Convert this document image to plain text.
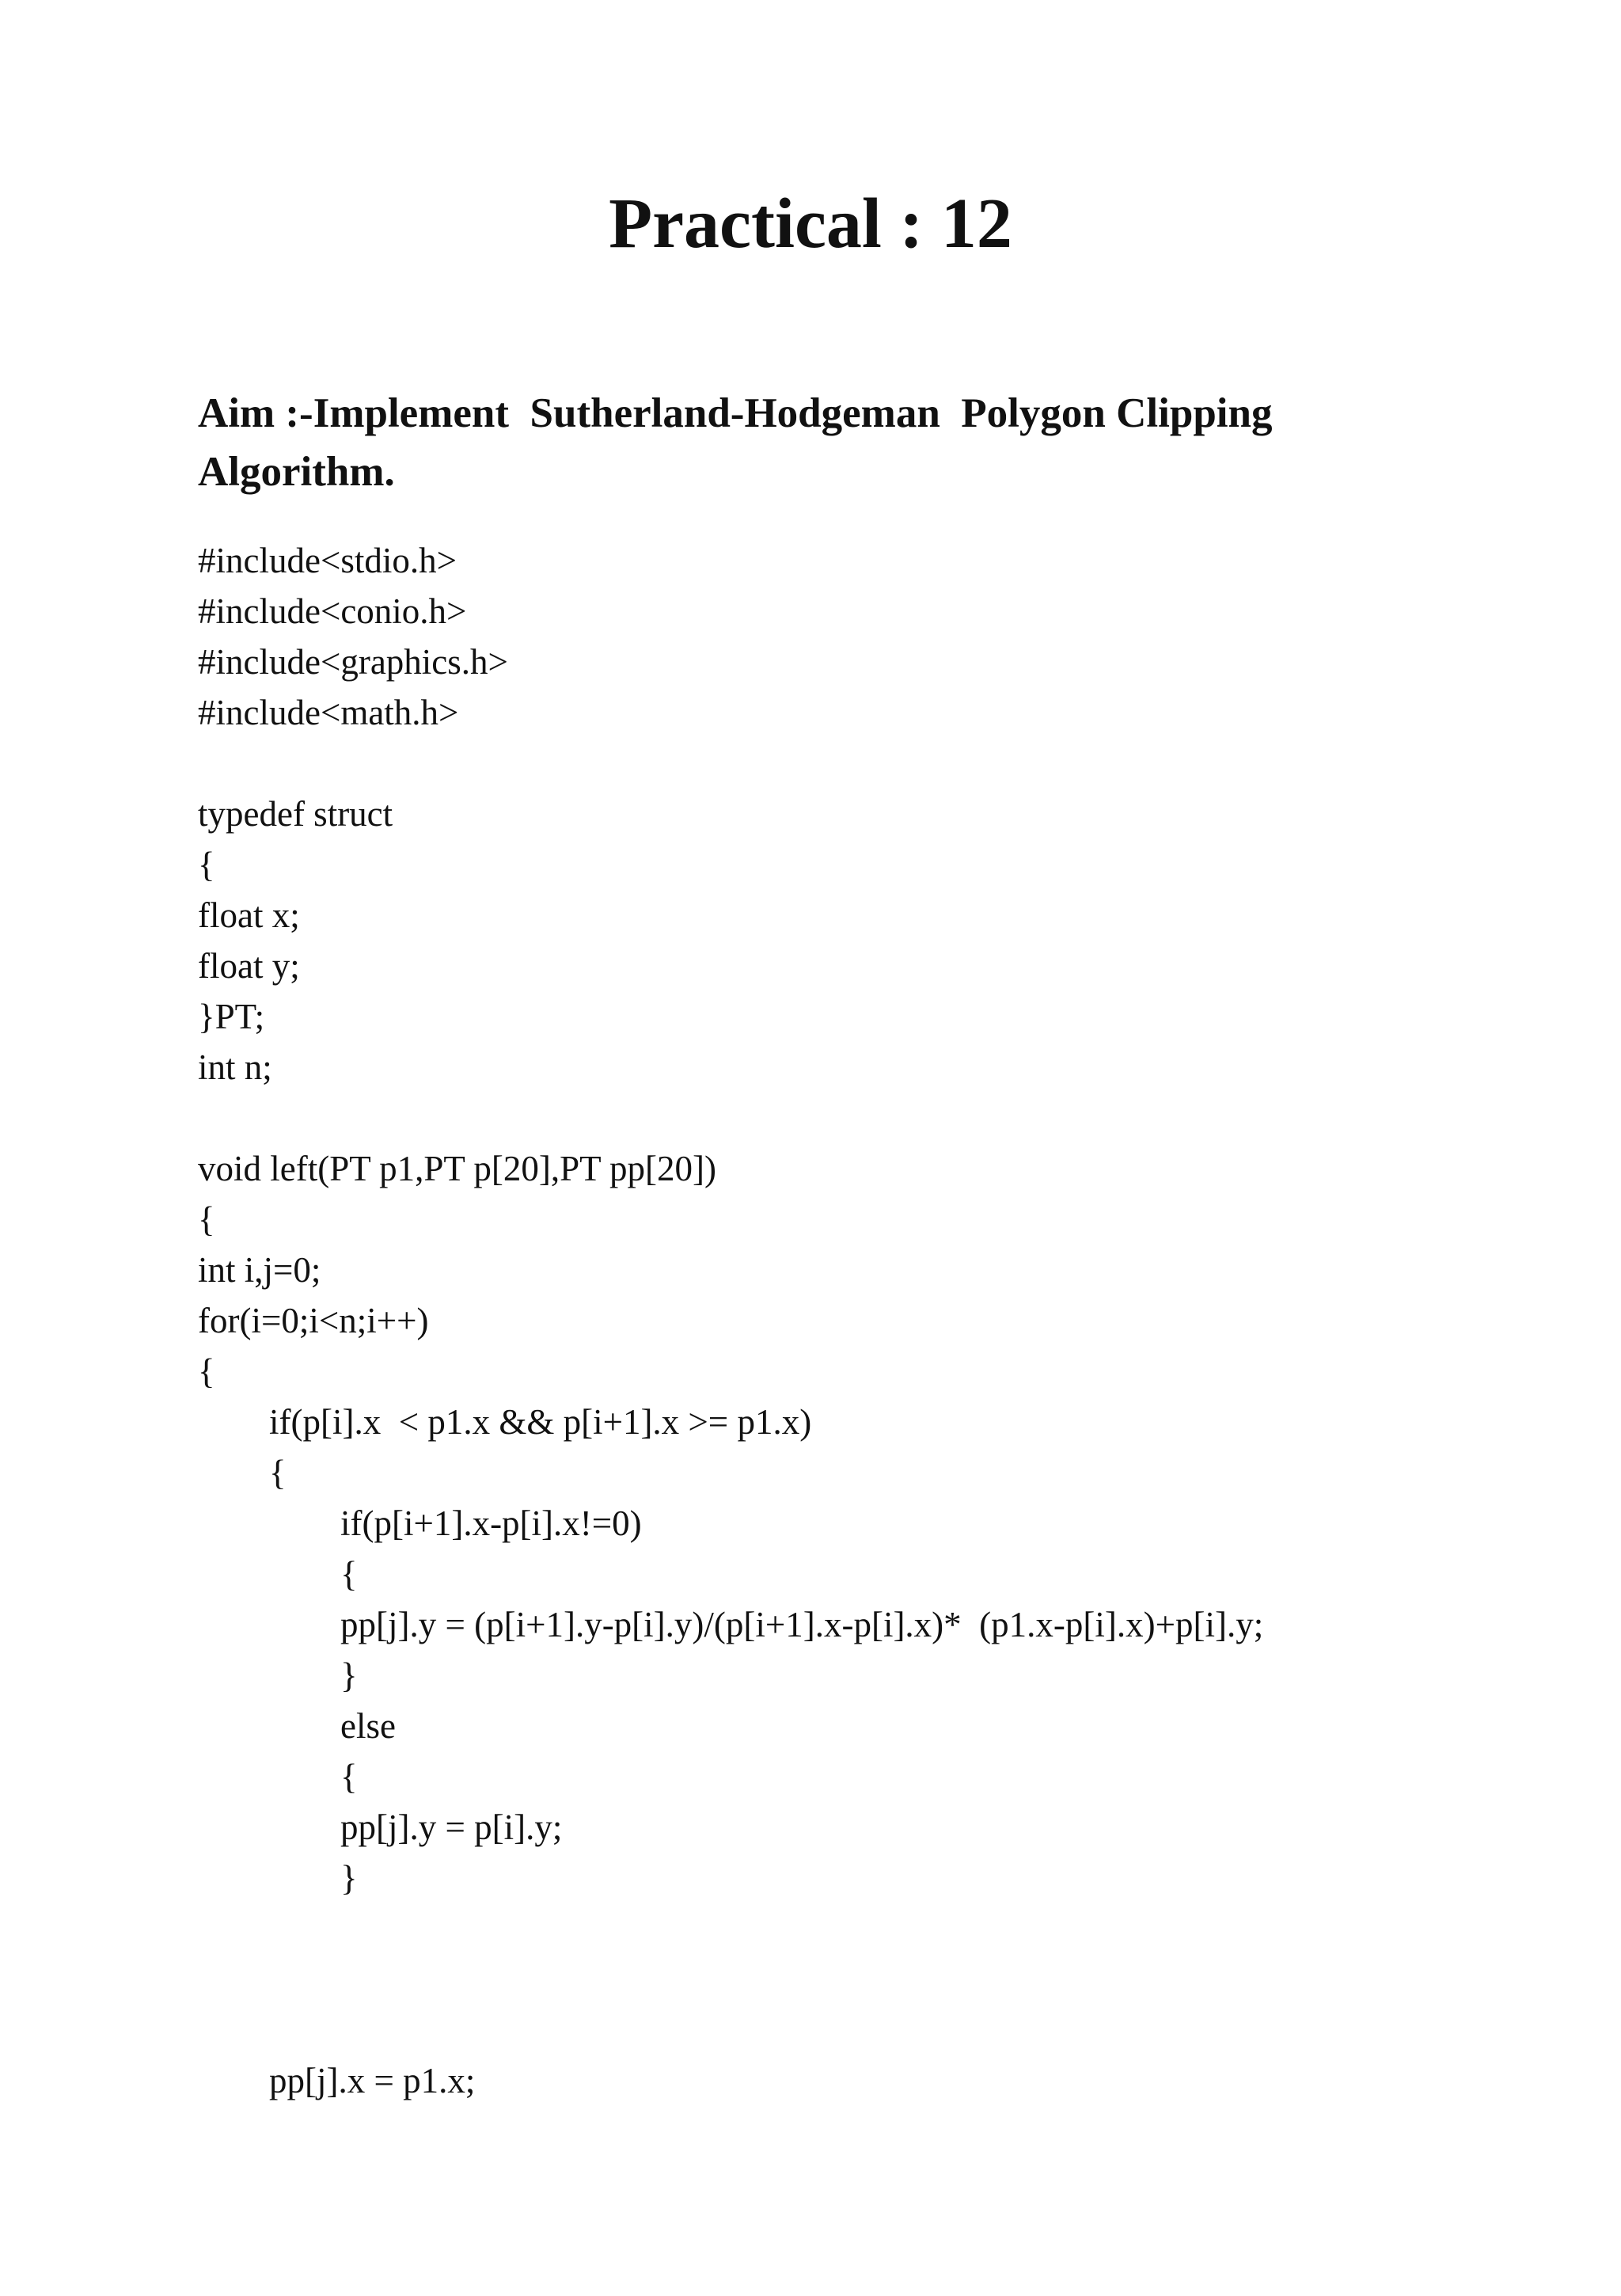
Practical : 12
Aim :-Implement  Sutherland-Hodgeman  Polygon Clipping
Algorithm.
#include<stdio.h>
#include<conio.h>
#include<graphics.h>
#include<math.h>
typedef struct
{
float x;
float y;
}PT;
int n;
void left(PT p1,PT p[20],PT pp[20])
{
int i,j=0;
for(i=0;i<n;i++)
{
if(p[i].x  < p1.x && p[i+1].x >= p1.x)
{
if(p[i+1].x-p[i].x!=0)
{
pp[j].y = (p[i+1].y-p[i].y)/(p[i+1].x-p[i].x)*  (p1.x-p[i].x)+p[i].y;
}
else
{
pp[j].y = p[i].y;
}
pp[j].x = p1.x;
